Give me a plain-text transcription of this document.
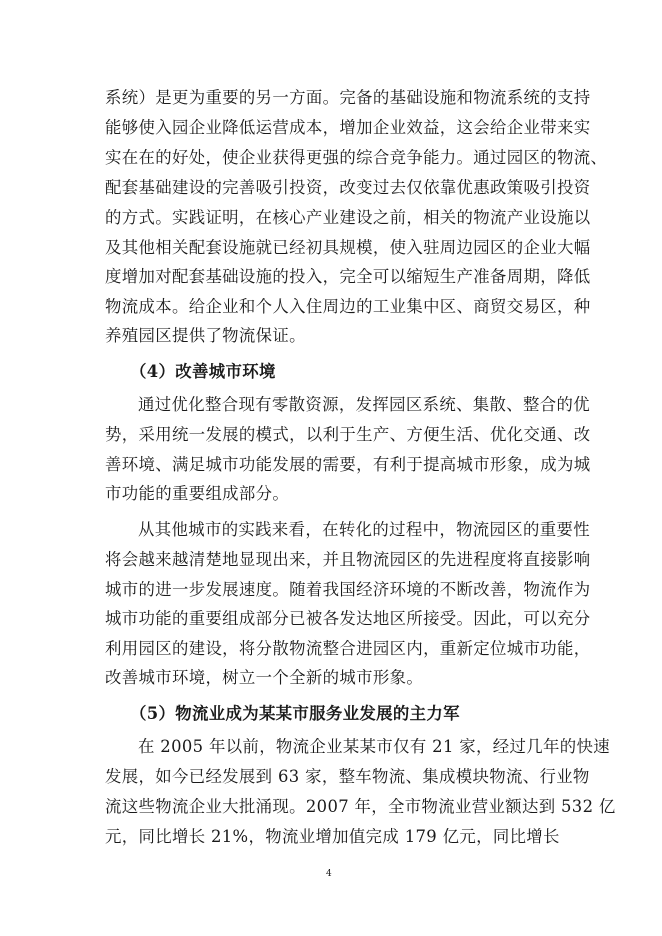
系统）是更为重要的另一方面。完备的基础设施和物流系统的支持
能够使入园企业降低运营成本，增加企业效益，这会给企业带来实
实在在的好处，使企业获得更强的综合竞争能力。通过园区的物流、
配套基础建设的完善吸引投资，改变过去仅依靠优惠政策吸引投资
的方式。实践证明，在核心产业建设之前，相关的物流产业设施以
及其他相关配套设施就已经初具规模，使入驻周边园区的企业大幅
度增加对配套基础设施的投入，完全可以缩短生产准备周期，降低
物流成本。给企业和个人入住周边的工业集中区、商贸交易区，种
养殖园区提供了物流保证。
（4）改善城市环境
通过优化整合现有零散资源，发挥园区系统、集散、整合的优
势，采用统一发展的模式，以利于生产、方便生活、优化交通、改
善环境、满足城市功能发展的需要，有利于提高城市形象，成为城
市功能的重要组成部分。
从其他城市的实践来看，在转化的过程中，物流园区的重要性
将会越来越清楚地显现出来，并且物流园区的先进程度将直接影响
城市的进一步发展速度。随着我国经济环境的不断改善，物流作为
城市功能的重要组成部分已被各发达地区所接受。因此，可以充分
利用园区的建设，将分散物流整合进园区内，重新定位城市功能，
改善城市环境，树立一个全新的城市形象。
（5）物流业成为某某市服务业发展的主力军
在 2005 年以前，物流企业某某市仅有 21 家，经过几年的快速
发展，如今已经发展到 63 家，整车物流、集成模块物流、行业物
流这些物流企业大批涌现。2007 年，全市物流业营业额达到 532 亿
元，同比增长 21%，物流业增加值完成 179 亿元，同比增长
4
